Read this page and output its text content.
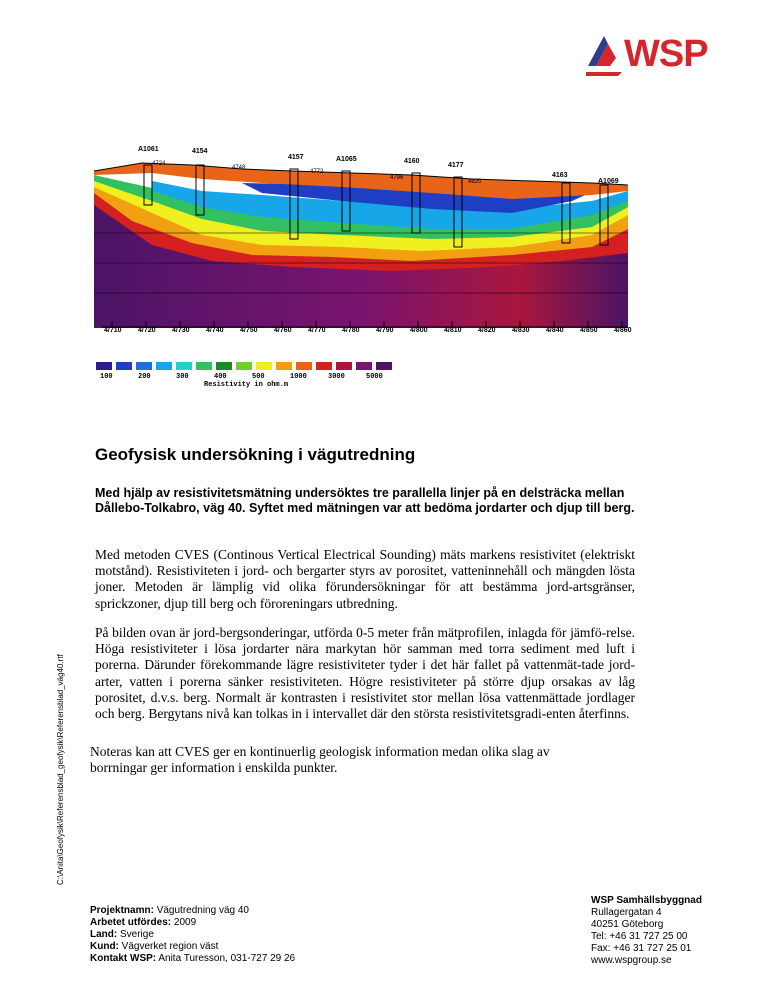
WSP
A1061	4154
4157	A1065	4160
4177
4163
A1069
4724
4748
4772
4796
4820
4/710 4/720 4/730 4/740 4/750 4/760 4/770 4/780 4/790 4/800 4/810 4/820 4/830 4/840 4/850 4/860
100	200	300	400	500	1000	3000	5000
Resistivity in ohm.m
C:\Anita\Geofysik\Referensblad_geofysik\Referensblad_väg40.rtf
Geofysisk undersökning i vägutredning
Med hjälp av resistivitetsmätning undersöktes tre parallella linjer på en delsträcka mellan Dållebo-Tolkabro, väg 40. Syftet med mätningen var att bedöma jordarter och djup till berg.
Med metoden CVES (Continous Vertical Electrical Sounding) mäts markens resistivitet (elektriskt motstånd). Resistiviteten i jord- och bergarter styrs av porositet, vatteninnehåll och mängden lösta joner. Metoden är lämplig vid olika förundersökningar för att bestämma jord-artsgränser, sprickzoner, djup till berg och föroreningars utbredning.
På bilden ovan är jord-bergsonderingar, utförda 0-5 meter från mätprofilen, inlagda för jämfö-relse. Höga resistiviteter i lösa jordarter nära markytan hör samman med torra sediment med luft i porerna. Därunder förekommande lägre resistiviteter tyder i det här fallet på vattenmät-tade jord-arter, vatten i porerna sänker resistiviteten. Högre resistiviteter på större djup orsakas av låg porositet, d.v.s. berg. Normalt är kontrasten i resistivitet stor mellan lösa vattenmättade jordlager och berg. Bergytans nivå kan tolkas in i intervallet där den största resistivitetsgradi-enten återfinns.
Noteras kan att CVES ger en kontinuerlig geologisk information medan olika slag av borrningar ger information i enskilda punkter.
Projektnamn: Vägutredning väg 40
Arbetet utfördes: 2009
Land: Sverige
Kund: Vägverket region väst
Kontakt WSP: Anita Turesson, 031-727 29 26
WSP Samhällsbyggnad
Rullagergatan 4
40251 Göteborg
Tel: +46 31 727 25 00
Fax: +46 31 727 25 01
www.wspgroup.se
